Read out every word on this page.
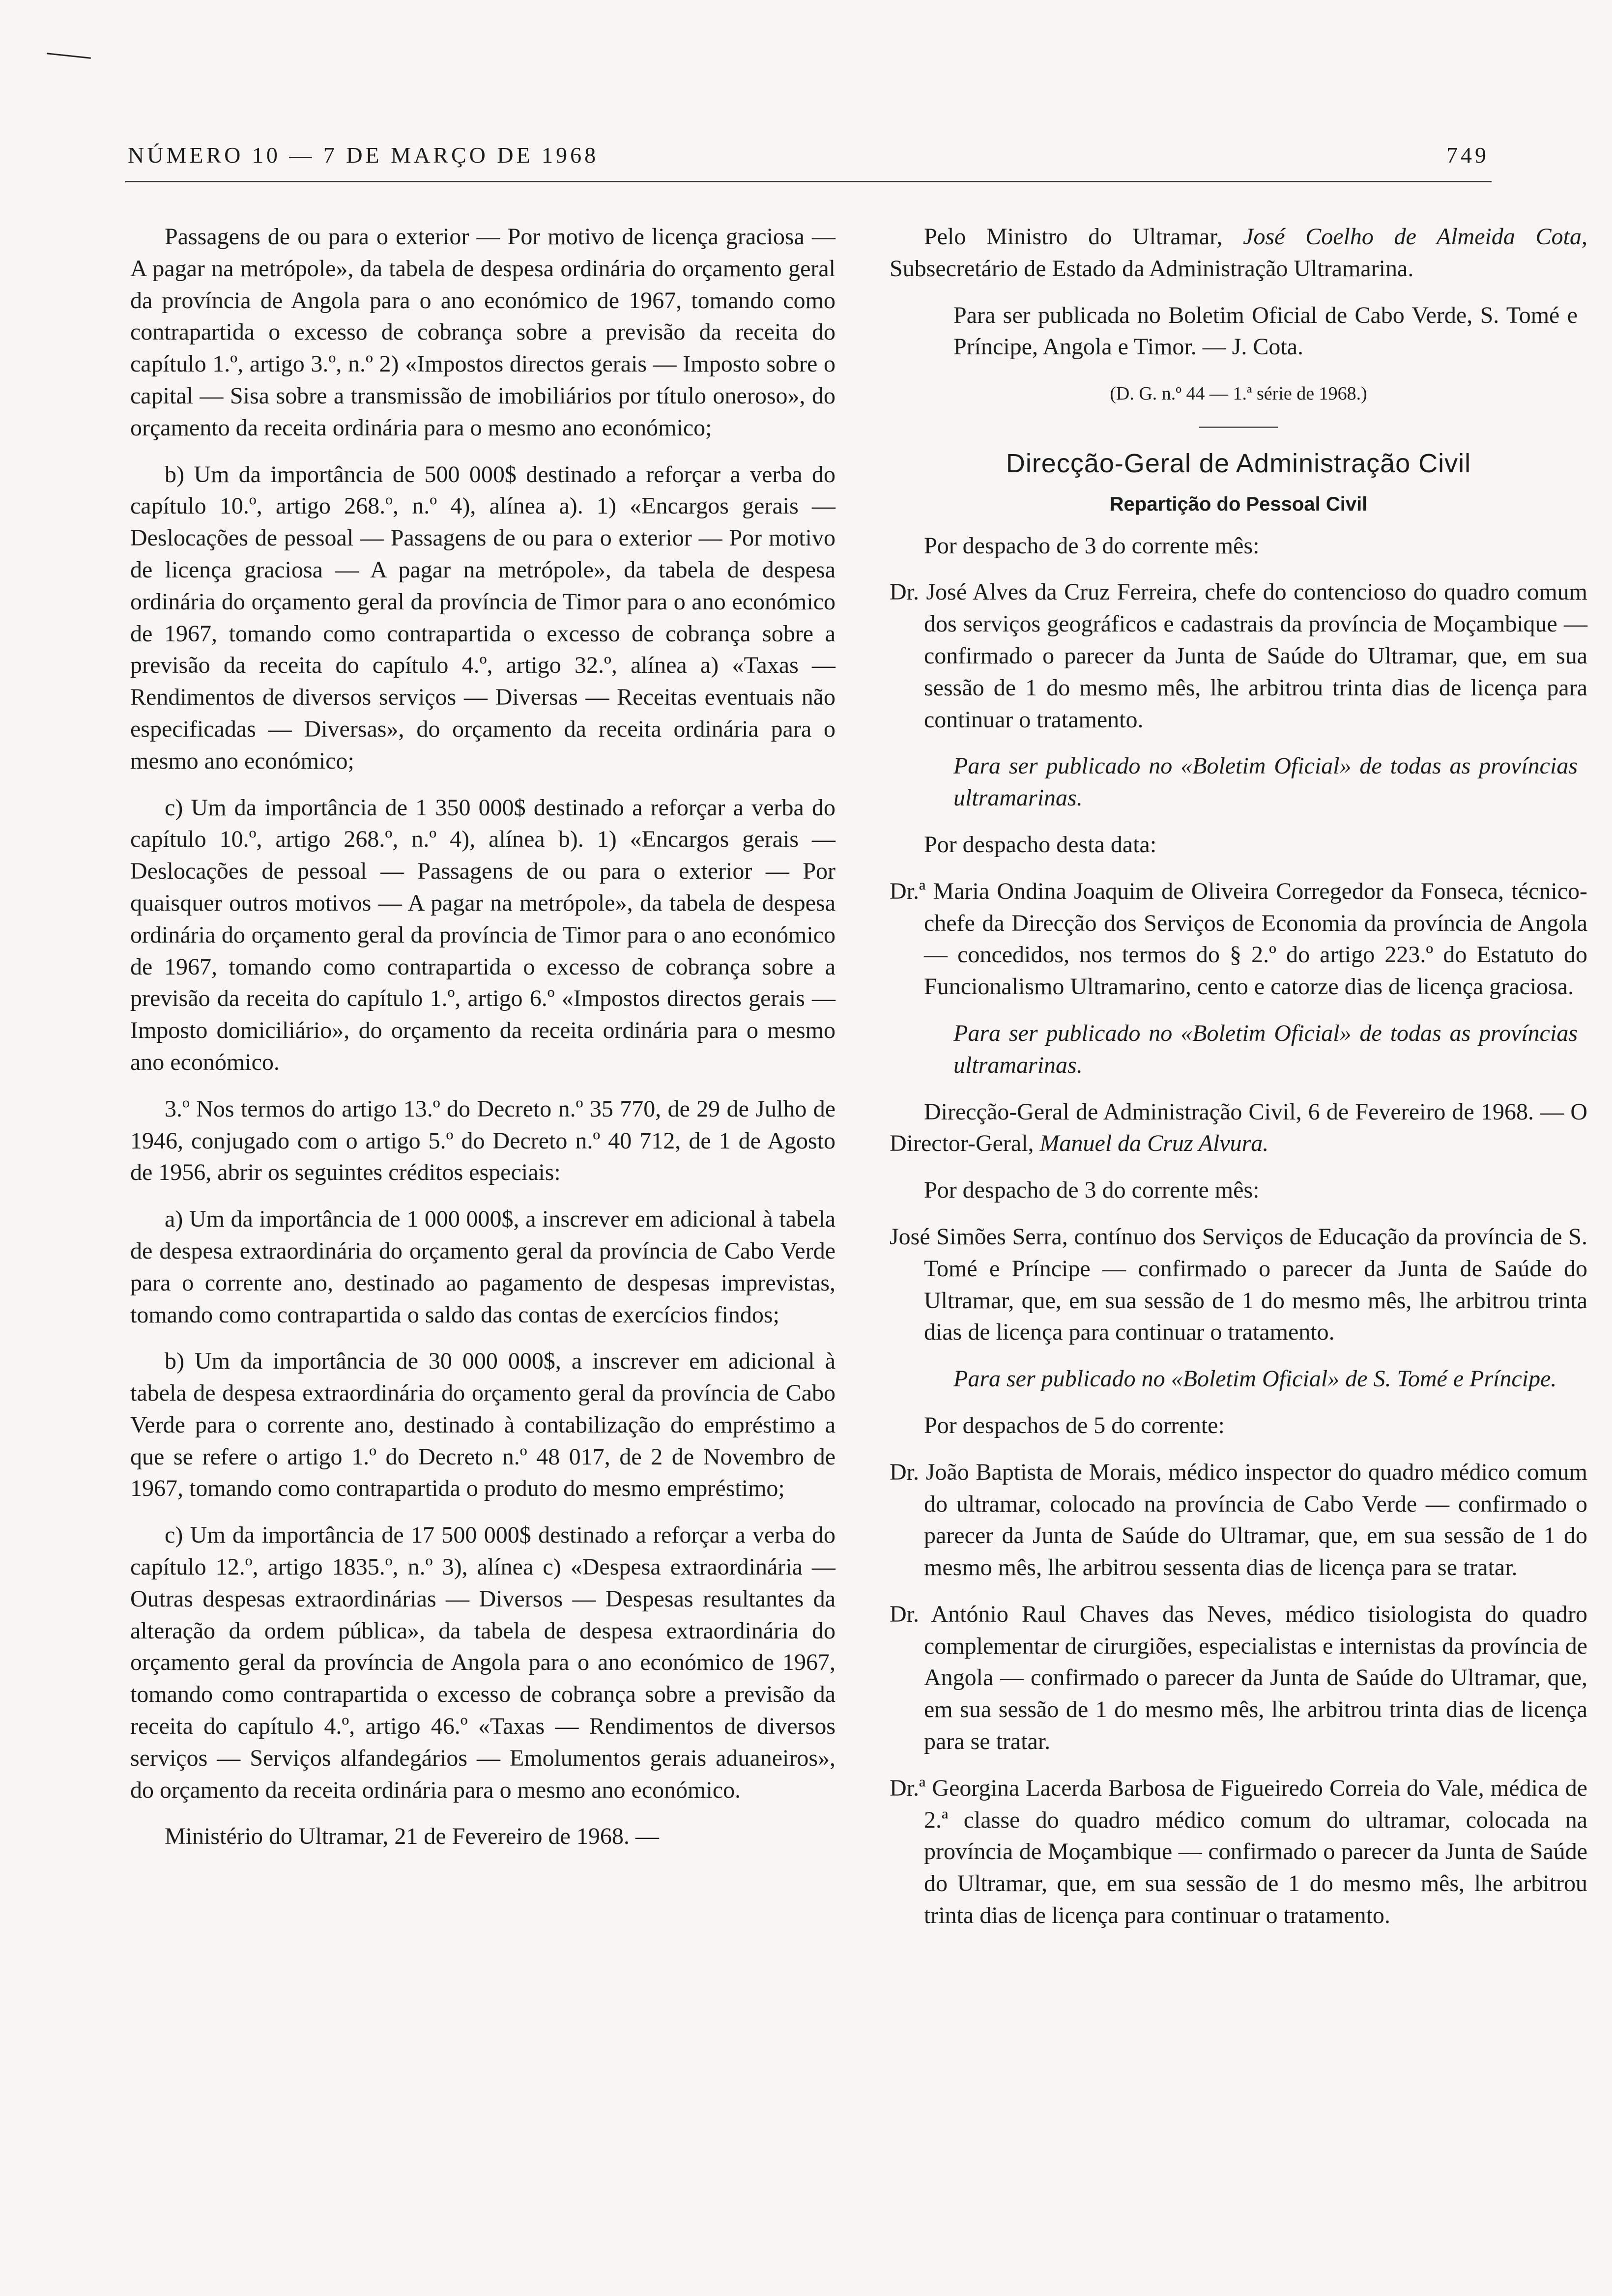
NÚMERO 10 — 7 DE MARÇO DE 1968	749

Passagens de ou para o exterior — Por motivo de licença graciosa — A pagar na metrópole», da tabela de despesa ordinária do orçamento geral da província de Angola para o ano económico de 1967, tomando como contrapartida o excesso de cobrança sobre a previsão da receita do capítulo 1.º, artigo 3.º, n.º 2) «Impostos directos gerais — Imposto sobre o capital — Sisa sobre a transmissão de imobiliários por título oneroso», do orçamento da receita ordinária para o mesmo ano económico;

b) Um da importância de 500 000$ destinado a reforçar a verba do capítulo 10.º, artigo 268.º, n.º 4), alínea a). 1) «Encargos gerais — Deslocações de pessoal — Passagens de ou para o exterior — Por motivo de licença graciosa — A pagar na metrópole», da tabela de despesa ordinária do orçamento geral da província de Timor para o ano económico de 1967, tomando como contrapartida o excesso de cobrança sobre a previsão da receita do capítulo 4.º, artigo 32.º, alínea a) «Taxas — Rendimentos de diversos serviços — Diversas — Receitas eventuais não especificadas — Diversas», do orçamento da receita ordinária para o mesmo ano económico;

c) Um da importância de 1 350 000$ destinado a reforçar a verba do capítulo 10.º, artigo 268.º, n.º 4), alínea b). 1) «Encargos gerais — Deslocações de pessoal — Passagens de ou para o exterior — Por quaisquer outros motivos — A pagar na metrópole», da tabela de despesa ordinária do orçamento geral da província de Timor para o ano económico de 1967, tomando como contrapartida o excesso de cobrança sobre a previsão da receita do capítulo 1.º, artigo 6.º «Impostos directos gerais — Imposto domiciliário», do orçamento da receita ordinária para o mesmo ano económico.

3.º Nos termos do artigo 13.º do Decreto n.º 35 770, de 29 de Julho de 1946, conjugado com o artigo 5.º do Decreto n.º 40 712, de 1 de Agosto de 1956, abrir os seguintes créditos especiais:

a) Um da importância de 1 000 000$, a inscrever em adicional à tabela de despesa extraordinária do orçamento geral da província de Cabo Verde para o corrente ano, destinado ao pagamento de despesas imprevistas, tomando como contrapartida o saldo das contas de exercícios findos;

b) Um da importância de 30 000 000$, a inscrever em adicional à tabela de despesa extraordinária do orçamento geral da província de Cabo Verde para o corrente ano, destinado à contabilização do empréstimo a que se refere o artigo 1.º do Decreto n.º 48 017, de 2 de Novembro de 1967, tomando como contrapartida o produto do mesmo empréstimo;

c) Um da importância de 17 500 000$ destinado a reforçar a verba do capítulo 12.º, artigo 1835.º, n.º 3), alínea c) «Despesa extraordinária — Outras despesas extraordinárias — Diversos — Despesas resultantes da alteração da ordem pública», da tabela de despesa extraordinária do orçamento geral da província de Angola para o ano económico de 1967, tomando como contrapartida o excesso de cobrança sobre a previsão da receita do capítulo 4.º, artigo 46.º «Taxas — Rendimentos de diversos serviços — Serviços alfandegários — Emolumentos gerais aduaneiros», do orçamento da receita ordinária para o mesmo ano económico.

Ministério do Ultramar, 21 de Fevereiro de 1968. —

Pelo Ministro do Ultramar, José Coelho de Almeida Cota, Subsecretário de Estado da Administração Ultramarina.

Para ser publicada no Boletim Oficial de Cabo Verde, S. Tomé e Príncipe, Angola e Timor. — J. Cota.

(D. G. n.º 44 — 1.ª série de 1968.)

Direcção-Geral de Administração Civil

Repartição do Pessoal Civil

Por despacho de 3 do corrente mês:

Dr. José Alves da Cruz Ferreira, chefe do contencioso do quadro comum dos serviços geográficos e cadastrais da província de Moçambique — confirmado o parecer da Junta de Saúde do Ultramar, que, em sua sessão de 1 do mesmo mês, lhe arbitrou trinta dias de licença para continuar o tratamento.

Para ser publicado no «Boletim Oficial» de todas as províncias ultramarinas.

Por despacho desta data:

Dr.ª Maria Ondina Joaquim de Oliveira Corregedor da Fonseca, técnico-chefe da Direcção dos Serviços de Economia da província de Angola — concedidos, nos termos do § 2.º do artigo 223.º do Estatuto do Funcionalismo Ultramarino, cento e catorze dias de licença graciosa.

Para ser publicado no «Boletim Oficial» de todas as províncias ultramarinas.

Direcção-Geral de Administração Civil, 6 de Fevereiro de 1968. — O Director-Geral, Manuel da Cruz Alvura.

Por despacho de 3 do corrente mês:

José Simões Serra, contínuo dos Serviços de Educação da província de S. Tomé e Príncipe — confirmado o parecer da Junta de Saúde do Ultramar, que, em sua sessão de 1 do mesmo mês, lhe arbitrou trinta dias de licença para continuar o tratamento.

Para ser publicado no «Boletim Oficial» de S. Tomé e Príncipe.

Por despachos de 5 do corrente:

Dr. João Baptista de Morais, médico inspector do quadro médico comum do ultramar, colocado na província de Cabo Verde — confirmado o parecer da Junta de Saúde do Ultramar, que, em sua sessão de 1 do mesmo mês, lhe arbitrou sessenta dias de licença para se tratar.

Dr. António Raul Chaves das Neves, médico tisiologista do quadro complementar de cirurgiões, especialistas e internistas da província de Angola — confirmado o parecer da Junta de Saúde do Ultramar, que, em sua sessão de 1 do mesmo mês, lhe arbitrou trinta dias de licença para se tratar.

Dr.ª Georgina Lacerda Barbosa de Figueiredo Correia do Vale, médica de 2.ª classe do quadro médico comum do ultramar, colocada na província de Moçambique — confirmado o parecer da Junta de Saúde do Ultramar, que, em sua sessão de 1 do mesmo mês, lhe arbitrou trinta dias de licença para continuar o tratamento.
